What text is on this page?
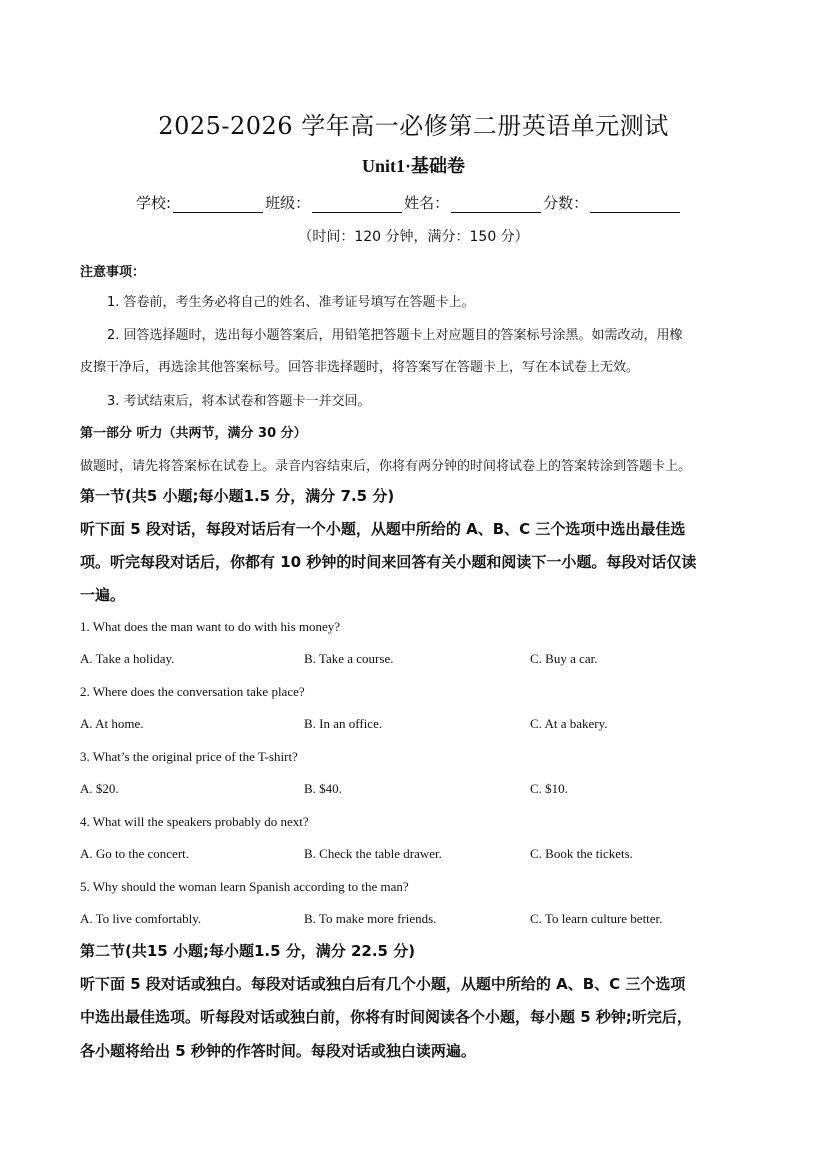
2025-2026 学年高一必修第二册英语单元测试
Unit1·基础卷
学校:	班级：	姓名：	分数：
（时间：120 分钟，满分：150 分）
注意事项：
1. 答卷前，考生务必将自己的姓名、准考证号填写在答题卡上。
2. 回答选择题时，选出每小题答案后，用铅笔把答题卡上对应题目的答案标号涂黑。如需改动，用橡
皮擦干净后，再选涂其他答案标号。回答非选择题时，将答案写在答题卡上，写在本试卷上无效。
3. 考试结束后，将本试卷和答题卡一并交回。
第一部分 听力（共两节，满分 30 分）
做题时，请先将答案标在试卷上。录音内容结束后，你将有两分钟的时间将试卷上的答案转涂到答题卡上。
第一节(共5 小题;每小题1.5 分，满分 7.5 分)
听下面 5 段对话，每段对话后有一个小题，从题中所给的 A、B、C 三个选项中选出最佳选
项。听完每段对话后，你都有 10 秒钟的时间来回答有关小题和阅读下一小题。每段对话仅读
一遍。
1. What does the man want to do with his money?
A. Take a holiday.	B. Take a course.	C. Buy a car.
2. Where does the conversation take place?
A. At home.	B. In an office.	C. At a bakery.
3. What’s the original price of the T-shirt?
A. $20.	B. $40.	C. $10.
4. What will the speakers probably do next?
A. Go to the concert.	B. Check the table drawer.	C. Book the tickets.
5. Why should the woman learn Spanish according to the man?
A. To live comfortably.	B. To make more friends.	C. To learn culture better.
第二节(共15 小题;每小题1.5 分，满分 22.5 分)
听下面 5 段对话或独白。每段对话或独白后有几个小题，从题中所给的 A、B、C 三个选项
中选出最佳选项。听每段对话或独白前，你将有时间阅读各个小题，每小题 5 秒钟;听完后，
各小题将给出 5 秒钟的作答时间。每段对话或独白读两遍。
